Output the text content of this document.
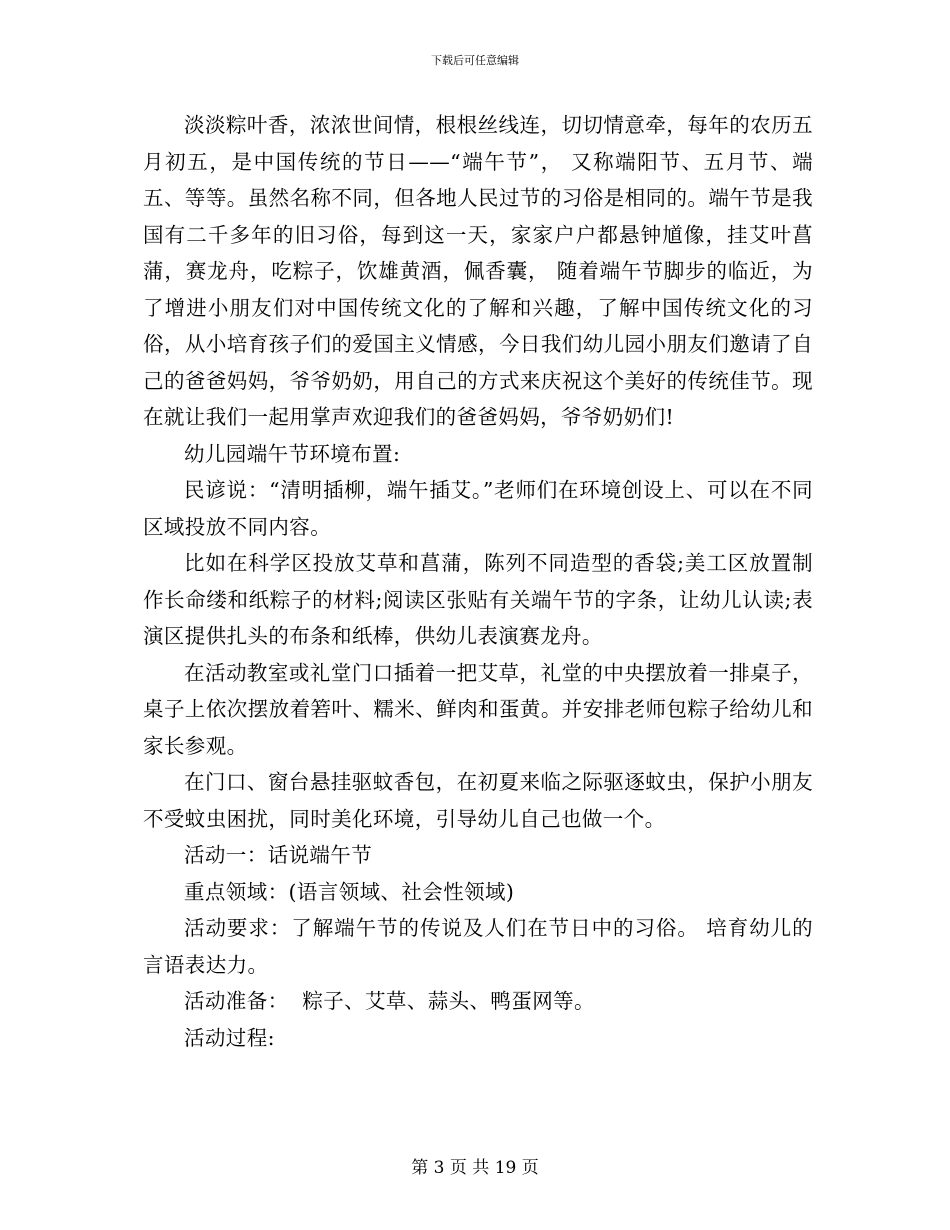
下载后可任意编辑

淡淡粽叶香，浓浓世间情，根根丝线连，切切情意牵，每年的农历五月初五，是中国传统的节日——“端午节”， 又称端阳节、五月节、端五、等等。虽然名称不同，但各地人民过节的习俗是相同的。端午节是我国有二千多年的旧习俗，每到这一天，家家户户都悬钟馗像，挂艾叶菖蒲，赛龙舟，吃粽子，饮雄黄酒，佩香囊， 随着端午节脚步的临近，为了增进小朋友们对中国传统文化的了解和兴趣，了解中国传统文化的习俗，从小培育孩子们的爱国主义情感，今日我们幼儿园小朋友们邀请了自己的爸爸妈妈，爷爷奶奶，用自己的方式来庆祝这个美好的传统佳节。现在就让我们一起用掌声欢迎我们的爸爸妈妈，爷爷奶奶们!

幼儿园端午节环境布置:

民谚说：“清明插柳，端午插艾。”老师们在环境创设上、可以在不同区域投放不同内容。

比如在科学区投放艾草和菖蒲，陈列不同造型的香袋;美工区放置制作长命缕和纸粽子的材料;阅读区张贴有关端午节的字条，让幼儿认读;表演区提供扎头的布条和纸棒，供幼儿表演赛龙舟。

在活动教室或礼堂门口插着一把艾草，礼堂的中央摆放着一排桌子，桌子上依次摆放着箬叶、糯米、鲜肉和蛋黄。并安排老师包粽子给幼儿和家长参观。

在门口、窗台悬挂驱蚊香包，在初夏来临之际驱逐蚊虫，保护小朋友不受蚊虫困扰，同时美化环境，引导幼儿自己也做一个。

活动一：话说端午节

重点领域：(语言领域、社会性领域)

活动要求：了解端午节的传说及人们在节日中的习俗。 培育幼儿的言语表达力。

活动准备：  粽子、艾草、蒜头、鸭蛋网等。

活动过程:

第 3 页 共 19 页
